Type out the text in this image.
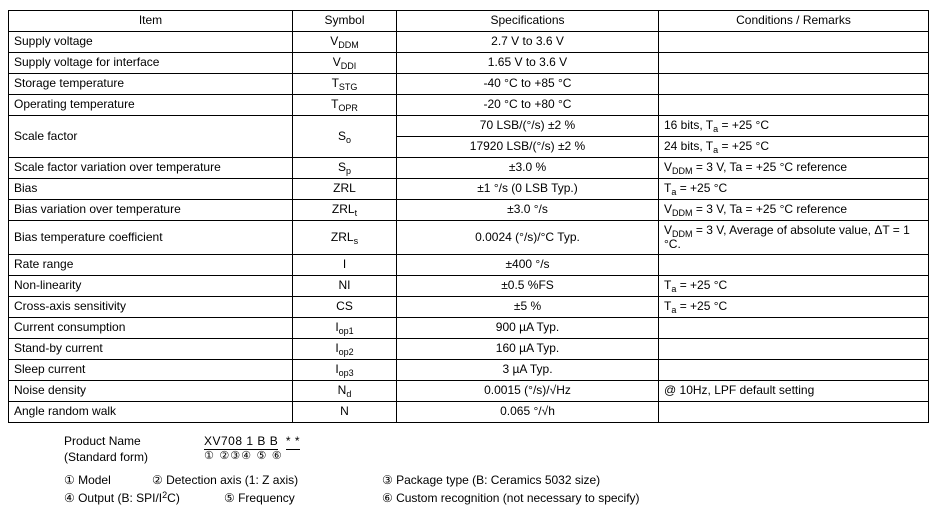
Item	Symbol	Specifications	Conditions / Remarks
Supply voltage	$V_{DDM}$	2.7 V to 3.6 V	
Supply voltage for interface	$V_{DDI}$	1.65 V to 3.6 V	
Storage temperature	$T_{STG}$	-40 °C to +85 °C	
Operating temperature	$T_{OPR}$	-20 °C to +80 °C	
Scale factor	$S_o$	70 LSB/(°/s) ±2 %	16 bits, $T_a = +25$ °C
		17920 LSB/(°/s) ±2 %	24 bits, $T_a = +25$ °C
Scale factor variation over temperature	$S_p$	±3.0 %	$V_{DDM} = 3$ V, Ta = +25 °C reference
Bias	ZRL	±1 °/s (0 LSB Typ.)	$T_a = +25$ °C
Bias variation over temperature	$ZRL_t$	±3.0 °/s	$V_{DDM} = 3$ V, Ta = +25 °C reference
Bias temperature coefficient	$ZRL_s$	0.0024 (°/s)/°C Typ.	$V_{DDM} = 3$ V, Average of absolute value, ΔT = 1 °C.
Rate range	I	±400 °/s	
Non-linearity	NI	±0.5 %FS	$T_a = +25$ °C
Cross-axis sensitivity	CS	±5 %	$T_a = +25$ °C
Current consumption	$I_{op1}$	900 µA Typ.	
Stand-by current	$I_{op2}$	160 µA Typ.	
Sleep current	$I_{op3}$	3 µA Typ.	
Noise density	$N_d$	0.0015 (°/s)/√Hz	@ 10Hz, LPF default setting
Angle random walk	N	0.065 °/√h	
Product Name	XV708 1 B B * *
(Standard form)	① ②③④ ⑤ ⑥
① Model	② Detection axis (1: Z axis)	③ Package type (B: Ceramics 5032 size)
④ Output (B: SPI/$I^2C$)	⑤ Frequency	⑥ Custom recognition (not necessary to specify)
